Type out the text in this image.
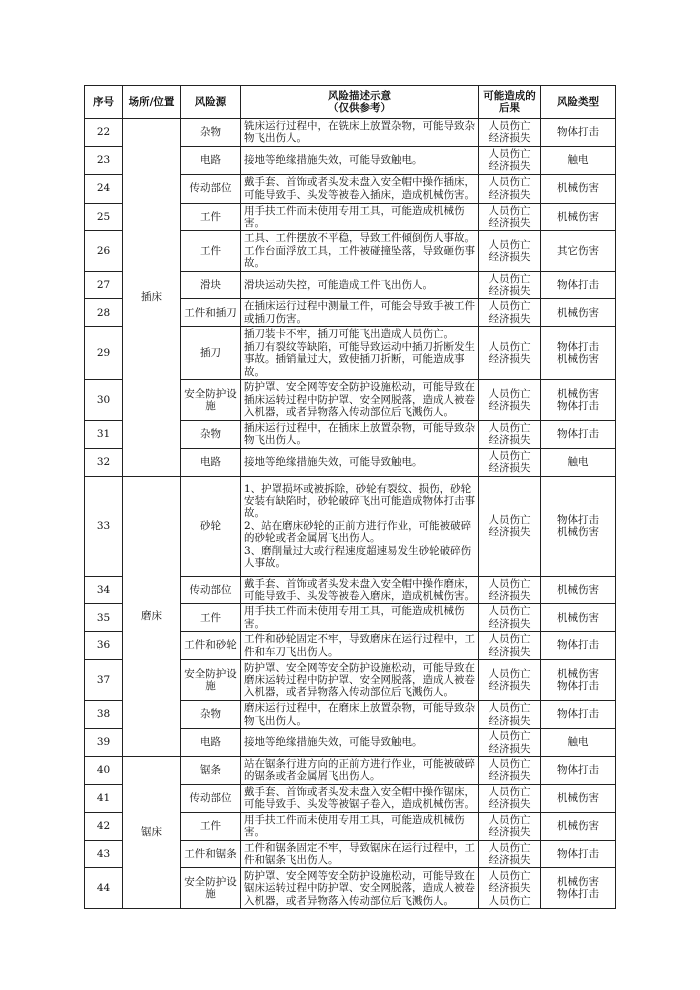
序号	场所/位置	风险源	风险描述示意
（仅供参考）	可能造成的后果	风险类型
22	插床	杂物	铣床运行过程中，在铣床上放置杂物，可能导致杂物飞出伤人。	人员伤亡
经济损失	物体打击

23		电路	接地等绝缘措施失效，可能导致触电。	人员伤亡
经济损失	触电

24		传动部位	戴手套、首饰或者头发未盘入安全帽中操作插床，可能导致手、头发等被卷入插床，造成机械伤害。	人员伤亡
经济损失	机械伤害

25		工件	用手扶工件而未使用专用工具，可能造成机械伤害。	人员伤亡
经济损失	机械伤害

26		工件	工具、工件摆放不平稳，导致工件倾倒伤人事故。
工作台面浮放工具，工件被碰撞坠落，导致砸伤事故。	人员伤亡
经济损失	其它伤害

27		滑块	滑块运动失控，可能造成工件飞出伤人。	人员伤亡
经济损失	物体打击

28		工件和插刀	在插床运行过程中测量工件，可能会导致手被工件或插刀伤害。	人员伤亡
经济损失	机械伤害

29		插刀	插刀装卡不牢，插刀可能飞出造成人员伤亡。
插刀有裂纹等缺陷，可能导致运动中插刀折断发生事故。插销量过大，致使插刀折断，可能造成事故。	人员伤亡
经济损失	物体打击
机械伤害

30		安全防护设施	防护罩、安全网等安全防护设施松动，可能导致在插床运转过程中防护罩、安全网脱落，造成人被卷入机器，或者异物落入传动部位后飞溅伤人。	人员伤亡
经济损失	机械伤害
物体打击

31		杂物	插床运行过程中，在插床上放置杂物，可能导致杂物飞出伤人。	人员伤亡
经济损失	物体打击

32		电路	接地等绝缘措施失效，可能导致触电。	人员伤亡
经济损失	触电

33	磨床	砂轮	1、护罩损坏或被拆除，砂轮有裂纹、损伤，砂轮安装有缺陷时，砂轮破碎飞出可能造成物体打击事故。
2、站在磨床砂轮的正前方进行作业，可能被破碎的砂轮或者金属屑飞出伤人。
3、磨削量过大或行程速度超速易发生砂轮破碎伤人事故。	人员伤亡
经济损失	物体打击
机械伤害

34		传动部位	戴手套、首饰或者头发未盘入安全帽中操作磨床，可能导致手、头发等被卷入磨床，造成机械伤害。	人员伤亡
经济损失	机械伤害

35		工件	用手扶工件而未使用专用工具，可能造成机械伤害。	人员伤亡
经济损失	机械伤害

36		工件和砂轮	工件和砂轮固定不牢，导致磨床在运行过程中，工件和车刀飞出伤人。	人员伤亡
经济损失	物体打击

37		安全防护设施	防护罩、安全网等安全防护设施松动，可能导致在磨床运转过程中防护罩、安全网脱落，造成人被卷入机器，或者异物落入传动部位后飞溅伤人。	人员伤亡
经济损失	机械伤害
物体打击

38		杂物	磨床运行过程中，在磨床上放置杂物，可能导致杂物飞出伤人。	人员伤亡
经济损失	物体打击

39		电路	接地等绝缘措施失效，可能导致触电。	人员伤亡
经济损失	触电

40	锯床	锯条	站在锯条行进方向的正前方进行作业，可能被破碎的锯条或者金属屑飞出伤人。	人员伤亡
经济损失	物体打击

41		传动部位	戴手套、首饰或者头发未盘入安全帽中操作锯床，可能导致手、头发等被锯子卷入，造成机械伤害。	人员伤亡
经济损失	机械伤害

42		工件	用手扶工件而未使用专用工具，可能造成机械伤害。	人员伤亡
经济损失	机械伤害

43		工件和锯条	工件和锯条固定不牢，导致锯床在运行过程中，工件和锯条飞出伤人。	人员伤亡
经济损失	物体打击

44		安全防护设施	防护罩、安全网等安全防护设施松动，可能导致在锯床运转过程中防护罩、安全网脱落，造成人被卷入机器，或者异物落入传动部位后飞溅伤人。	人员伤亡
经济损失
人员伤亡	机械伤害
物体打击
